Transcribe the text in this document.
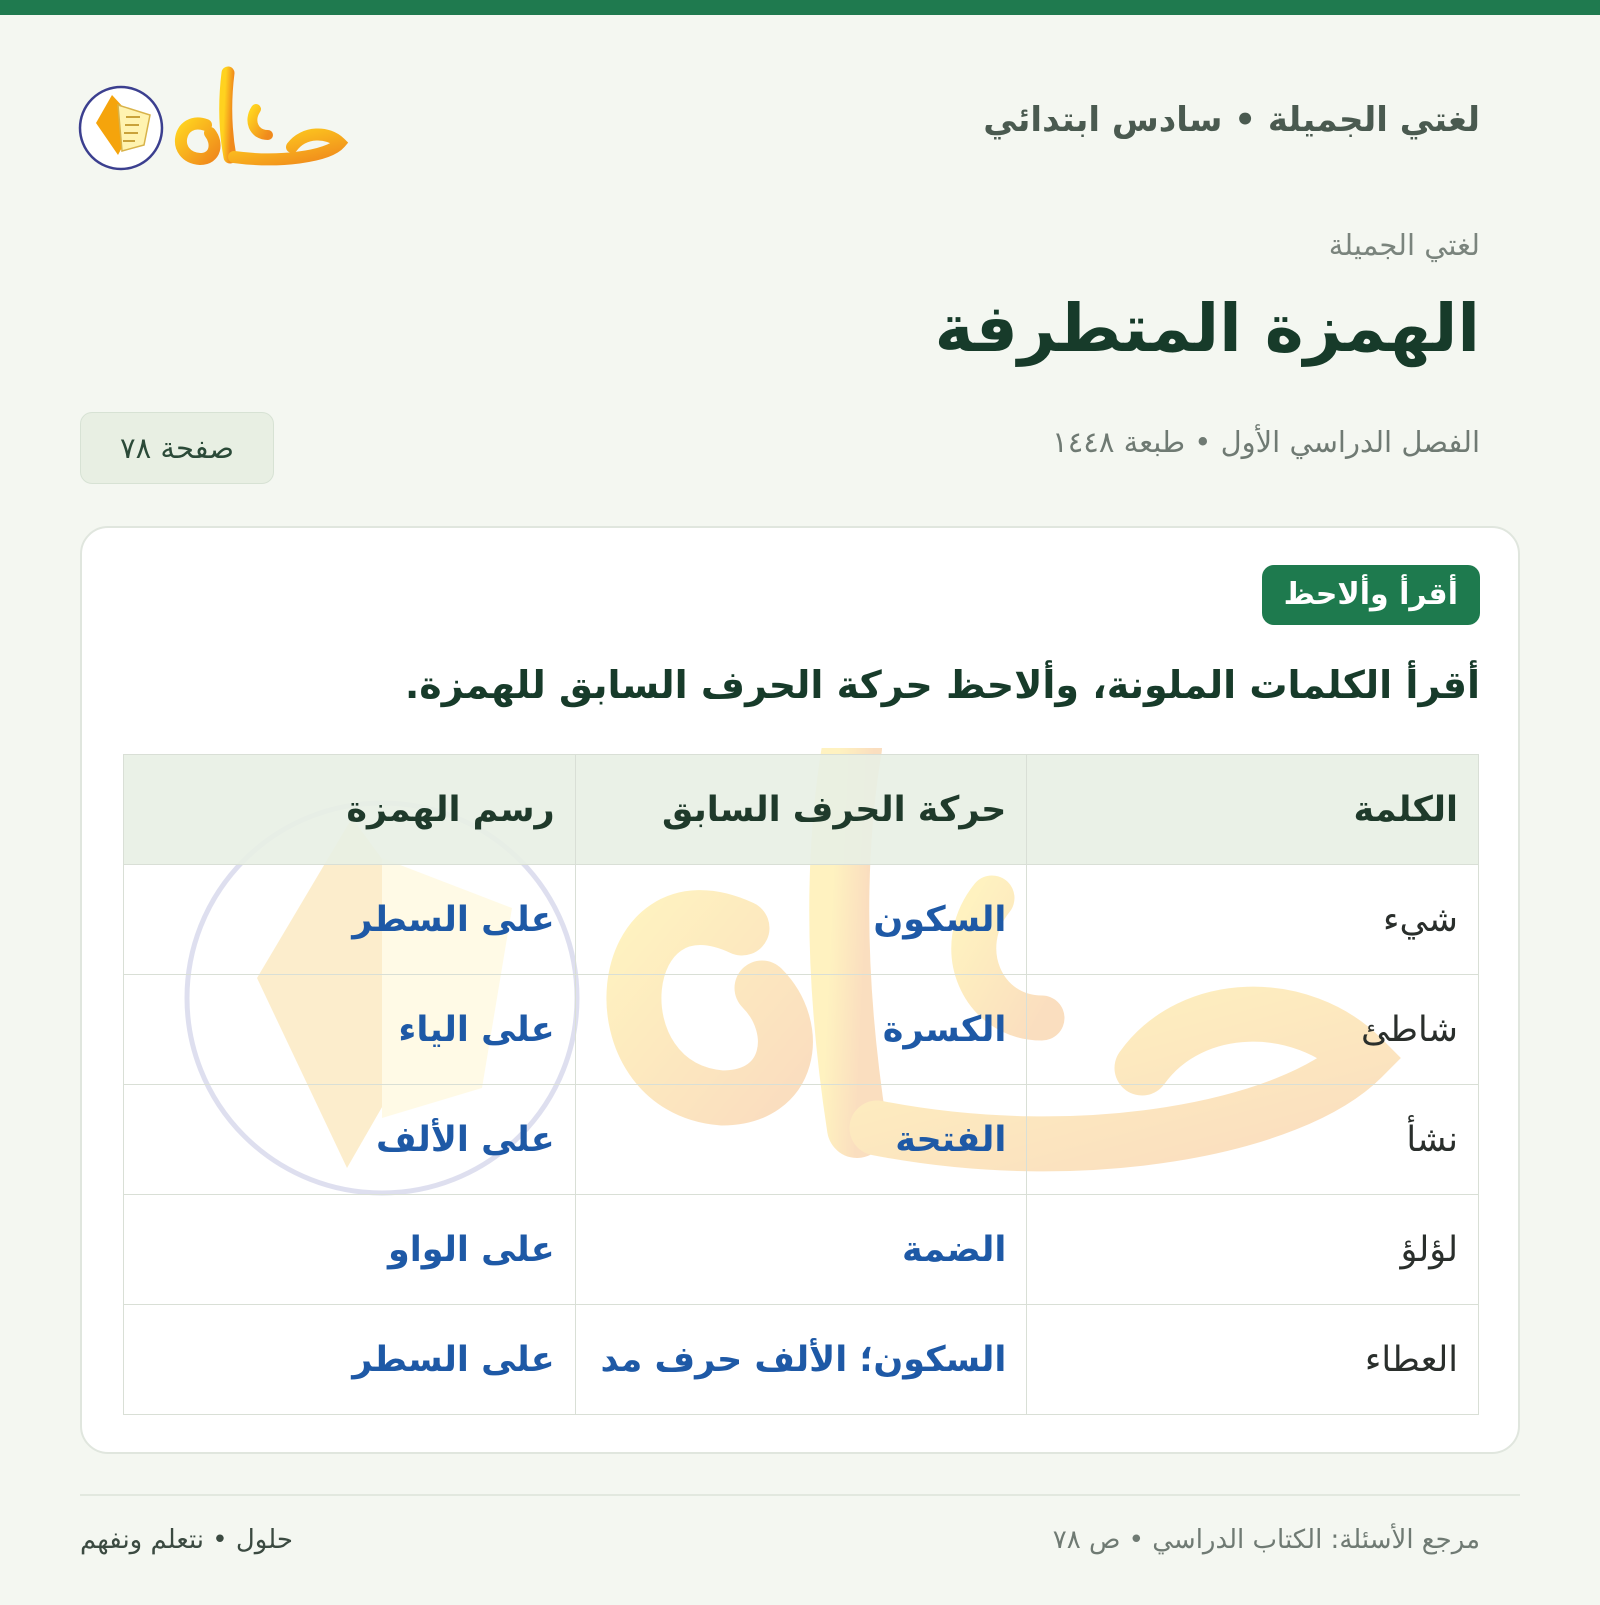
لغتي الجميلة • سادس ابتدائي
لغتي الجميلة
الهمزة المتطرفة
الفصل الدراسي الأول • طبعة ١٤٤٨
صفحة ٧٨
أقرأ وألاحظ
أقرأ الكلمات الملونة، وألاحظ حركة الحرف السابق للهمزة.
الكلمة	حركة الحرف السابق	رسم الهمزة
شيء	السكون	على السطر
شاطئ	الكسرة	على الياء
نشأ	الفتحة	على الألف
لؤلؤ	الضمة	على الواو
العطاء	السكون؛ الألف حرف مد	على السطر
مرجع الأسئلة: الكتاب الدراسي • ص ٧٨
حلول • نتعلم ونفهم
